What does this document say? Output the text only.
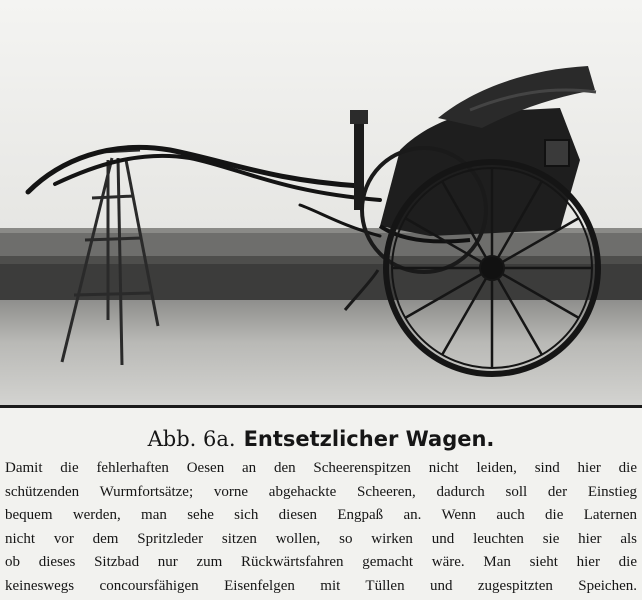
Abb. 6a. Entsetzlicher Wagen.
Damit die fehlerhaften Oesen an den Scheerenspitzen nicht leiden, sind hier die
schützenden Wurmfortsätze; vorne abgehackte Scheeren, dadurch soll der Einstieg
bequem werden, man sehe sich diesen Engpaß an. Wenn auch die Laternen
nicht vor dem Spritzleder sitzen wollen, so wirken und leuchten sie hier als
ob dieses Sitzbad nur zum Rückwärtsfahren gemacht wäre. Man sieht hier die
keineswegs concoursfähigen Eisenfelgen mit Tüllen und zugespitzten Speichen.
